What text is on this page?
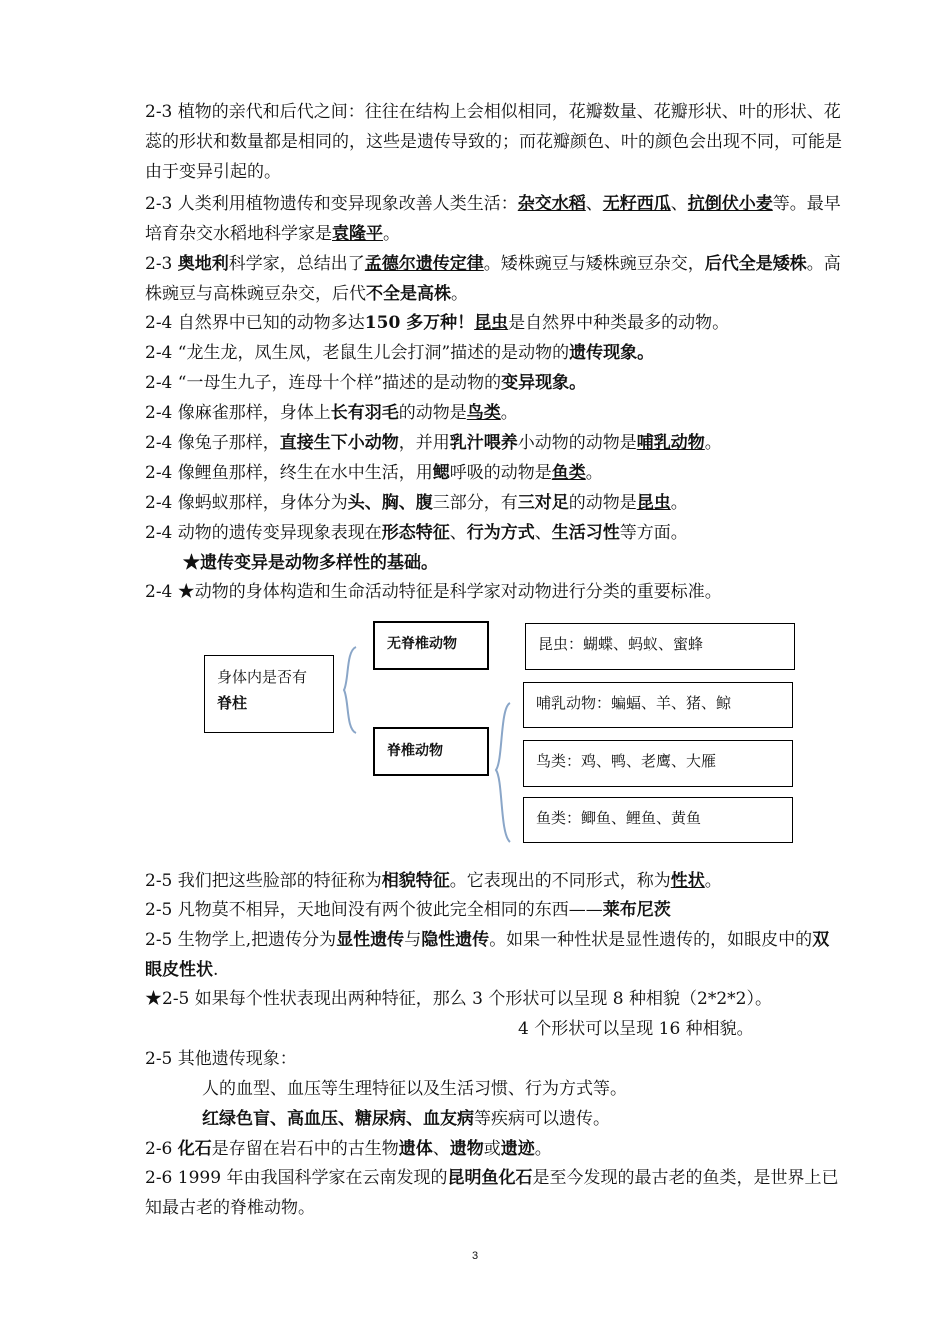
2-3 植物的亲代和后代之间：往往在结构上会相似相同，花瓣数量、花瓣形状、叶的形状、花蕊的形状和数量都是相同的，这些是遗传导致的；而花瓣颜色、叶的颜色会出现不同，可能是由于变异引起的。
2-3 人类利用植物遗传和变异现象改善人类生活：杂交水稻、无籽西瓜、抗倒伏小麦等。最早培育杂交水稻地科学家是袁隆平。
2-3 奥地利科学家，总结出了孟德尔遗传定律。矮株豌豆与矮株豌豆杂交，后代全是矮株。高株豌豆与高株豌豆杂交，后代不全是高株。
2-4 自然界中已知的动物多达150 多万种！昆虫是自然界中种类最多的动物。
2-4 “龙生龙，凤生凤，老鼠生儿会打洞”描述的是动物的遗传现象。
2-4 “一母生九子，连母十个样”描述的是动物的变异现象。
2-4 像麻雀那样，身体上长有羽毛的动物是鸟类。
2-4 像兔子那样，直接生下小动物，并用乳汁喂养小动物的动物是哺乳动物。
2-4 像鲤鱼那样，终生在水中生活，用鳃呼吸的动物是鱼类。
2-4 像蚂蚁那样，身体分为头、胸、腹三部分，有三对足的动物是昆虫。
2-4 动物的遗传变异现象表现在形态特征、行为方式、生活习性等方面。
★遗传变异是动物多样性的基础。
2-4 ★动物的身体构造和生命活动特征是科学家对动物进行分类的重要标准。
身体内是否有
脊柱
无脊椎动物
脊椎动物
昆虫：蝴蝶、蚂蚁、蜜蜂
哺乳动物：蝙蝠、羊、猪、鲸
鸟类：鸡、鸭、老鹰、大雁
鱼类：鲫鱼、鲤鱼、黄鱼
2-5 我们把这些脸部的特征称为相貌特征。它表现出的不同形式，称为性状。
2-5 凡物莫不相异，天地间没有两个彼此完全相同的东西——莱布尼茨
2-5 生物学上,把遗传分为显性遗传与隐性遗传。如果一种性状是显性遗传的，如眼皮中的双眼皮性状.
★2-5 如果每个性状表现出两种特征，那么 3 个形状可以呈现 8 种相貌（2*2*2）。
4 个形状可以呈现 16 种相貌。
2-5 其他遗传现象：
人的血型、血压等生理特征以及生活习惯、行为方式等。
红绿色盲、高血压、糖尿病、血友病等疾病可以遗传。
2-6 化石是存留在岩石中的古生物遗体、遗物或遗迹。
2-6 1999 年由我国科学家在云南发现的昆明鱼化石是至今发现的最古老的鱼类，是世界上已知最古老的脊椎动物。
3
